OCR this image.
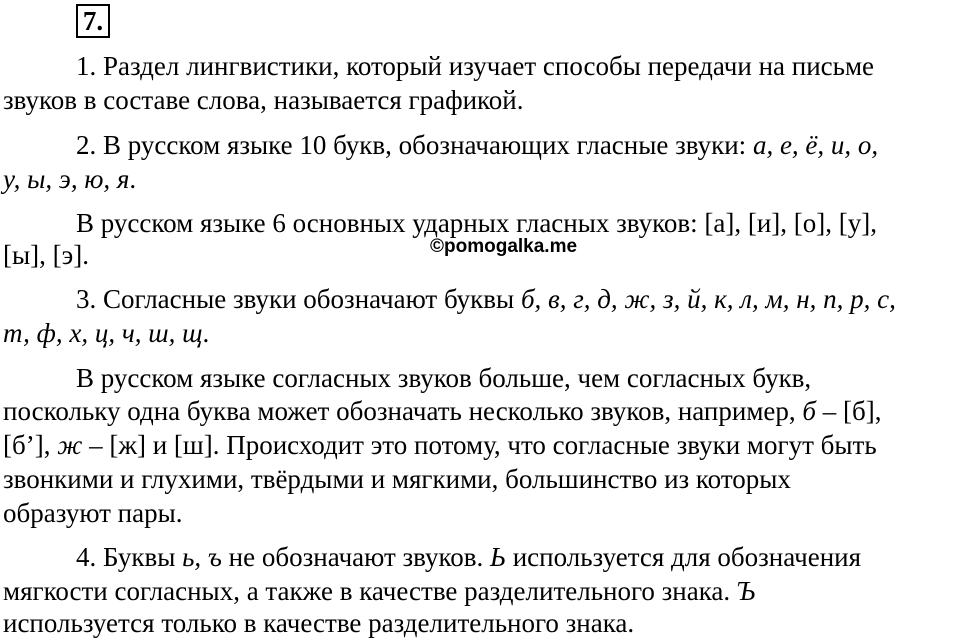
7.
1. Раздел лингвистики, который изучает способы передачи на письме
звуков в составе слова, называется графикой.
2. В русском языке 10 букв, обозначающих гласные звуки: а, е, ё, и, о,
у, ы, э, ю, я.
В русском языке 6 основных ударных гласных звуков: [а], [и], [о], [у],
[ы], [э].	©pomogalka.me
3. Согласные звуки обозначают буквы б, в, г, д, ж, з, й, к, л, м, н, п, р, с,
т, ф, х, ц, ч, ш, щ.
В русском языке согласных звуков больше, чем согласных букв,
поскольку одна буква может обозначать несколько звуков, например, б – [б],
[б’], ж – [ж] и [ш]. Происходит это потому, что согласные звуки могут быть
звонкими и глухими, твёрдыми и мягкими, большинство из которых
образуют пары.
4. Буквы ь, ъ не обозначают звуков. Ь используется для обозначения
мягкости согласных, а также в качестве разделительного знака. Ъ
используется только в качестве разделительного знака.
